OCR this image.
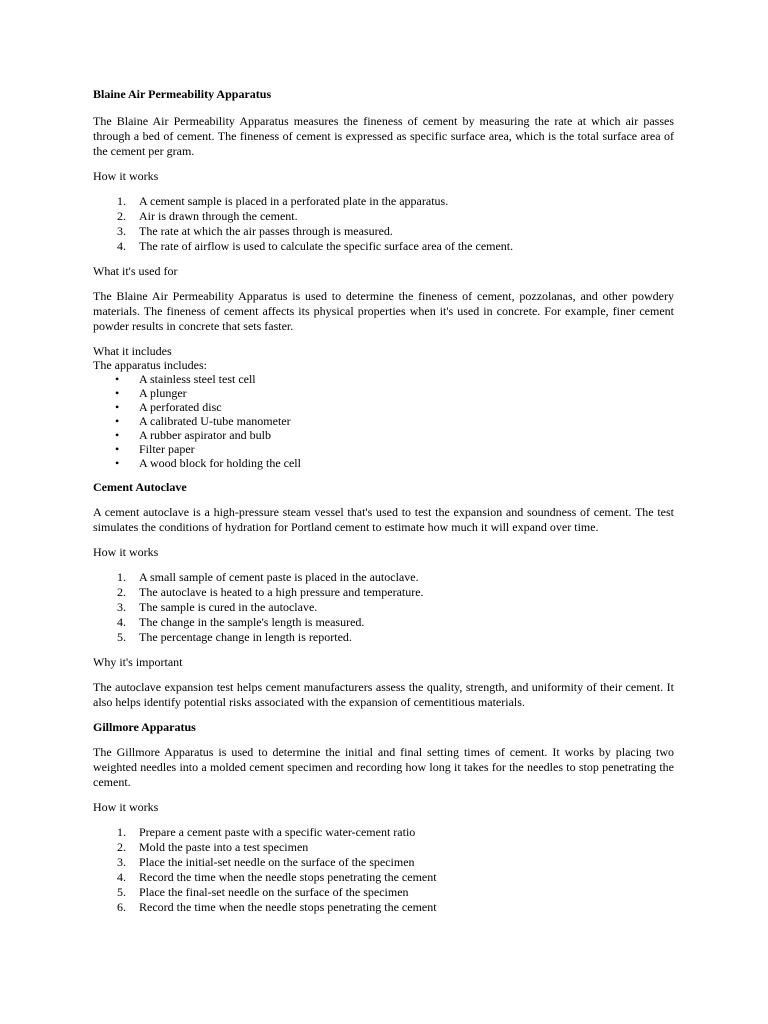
Blaine Air Permeability Apparatus

The Blaine Air Permeability Apparatus measures the fineness of cement by measuring the rate at which air passes through a bed of cement. The fineness of cement is expressed as specific surface area, which is the total surface area of the cement per gram.

How it works

1. A cement sample is placed in a perforated plate in the apparatus.
2. Air is drawn through the cement.
3. The rate at which the air passes through is measured.
4. The rate of airflow is used to calculate the specific surface area of the cement.

What it's used for

The Blaine Air Permeability Apparatus is used to determine the fineness of cement, pozzolanas, and other powdery materials. The fineness of cement affects its physical properties when it's used in concrete. For example, finer cement powder results in concrete that sets faster.

What it includes

The apparatus includes:

• A stainless steel test cell
• A plunger
• A perforated disc
• A calibrated U-tube manometer
• A rubber aspirator and bulb
• Filter paper
• A wood block for holding the cell

Cement Autoclave

A cement autoclave is a high-pressure steam vessel that's used to test the expansion and soundness of cement. The test simulates the conditions of hydration for Portland cement to estimate how much it will expand over time.

How it works

1. A small sample of cement paste is placed in the autoclave.
2. The autoclave is heated to a high pressure and temperature.
3. The sample is cured in the autoclave.
4. The change in the sample's length is measured.
5. The percentage change in length is reported.

Why it's important

The autoclave expansion test helps cement manufacturers assess the quality, strength, and uniformity of their cement. It also helps identify potential risks associated with the expansion of cementitious materials.

Gillmore Apparatus

The Gillmore Apparatus is used to determine the initial and final setting times of cement. It works by placing two weighted needles into a molded cement specimen and recording how long it takes for the needles to stop penetrating the cement.

How it works

1. Prepare a cement paste with a specific water-cement ratio
2. Mold the paste into a test specimen
3. Place the initial-set needle on the surface of the specimen
4. Record the time when the needle stops penetrating the cement
5. Place the final-set needle on the surface of the specimen
6. Record the time when the needle stops penetrating the cement
